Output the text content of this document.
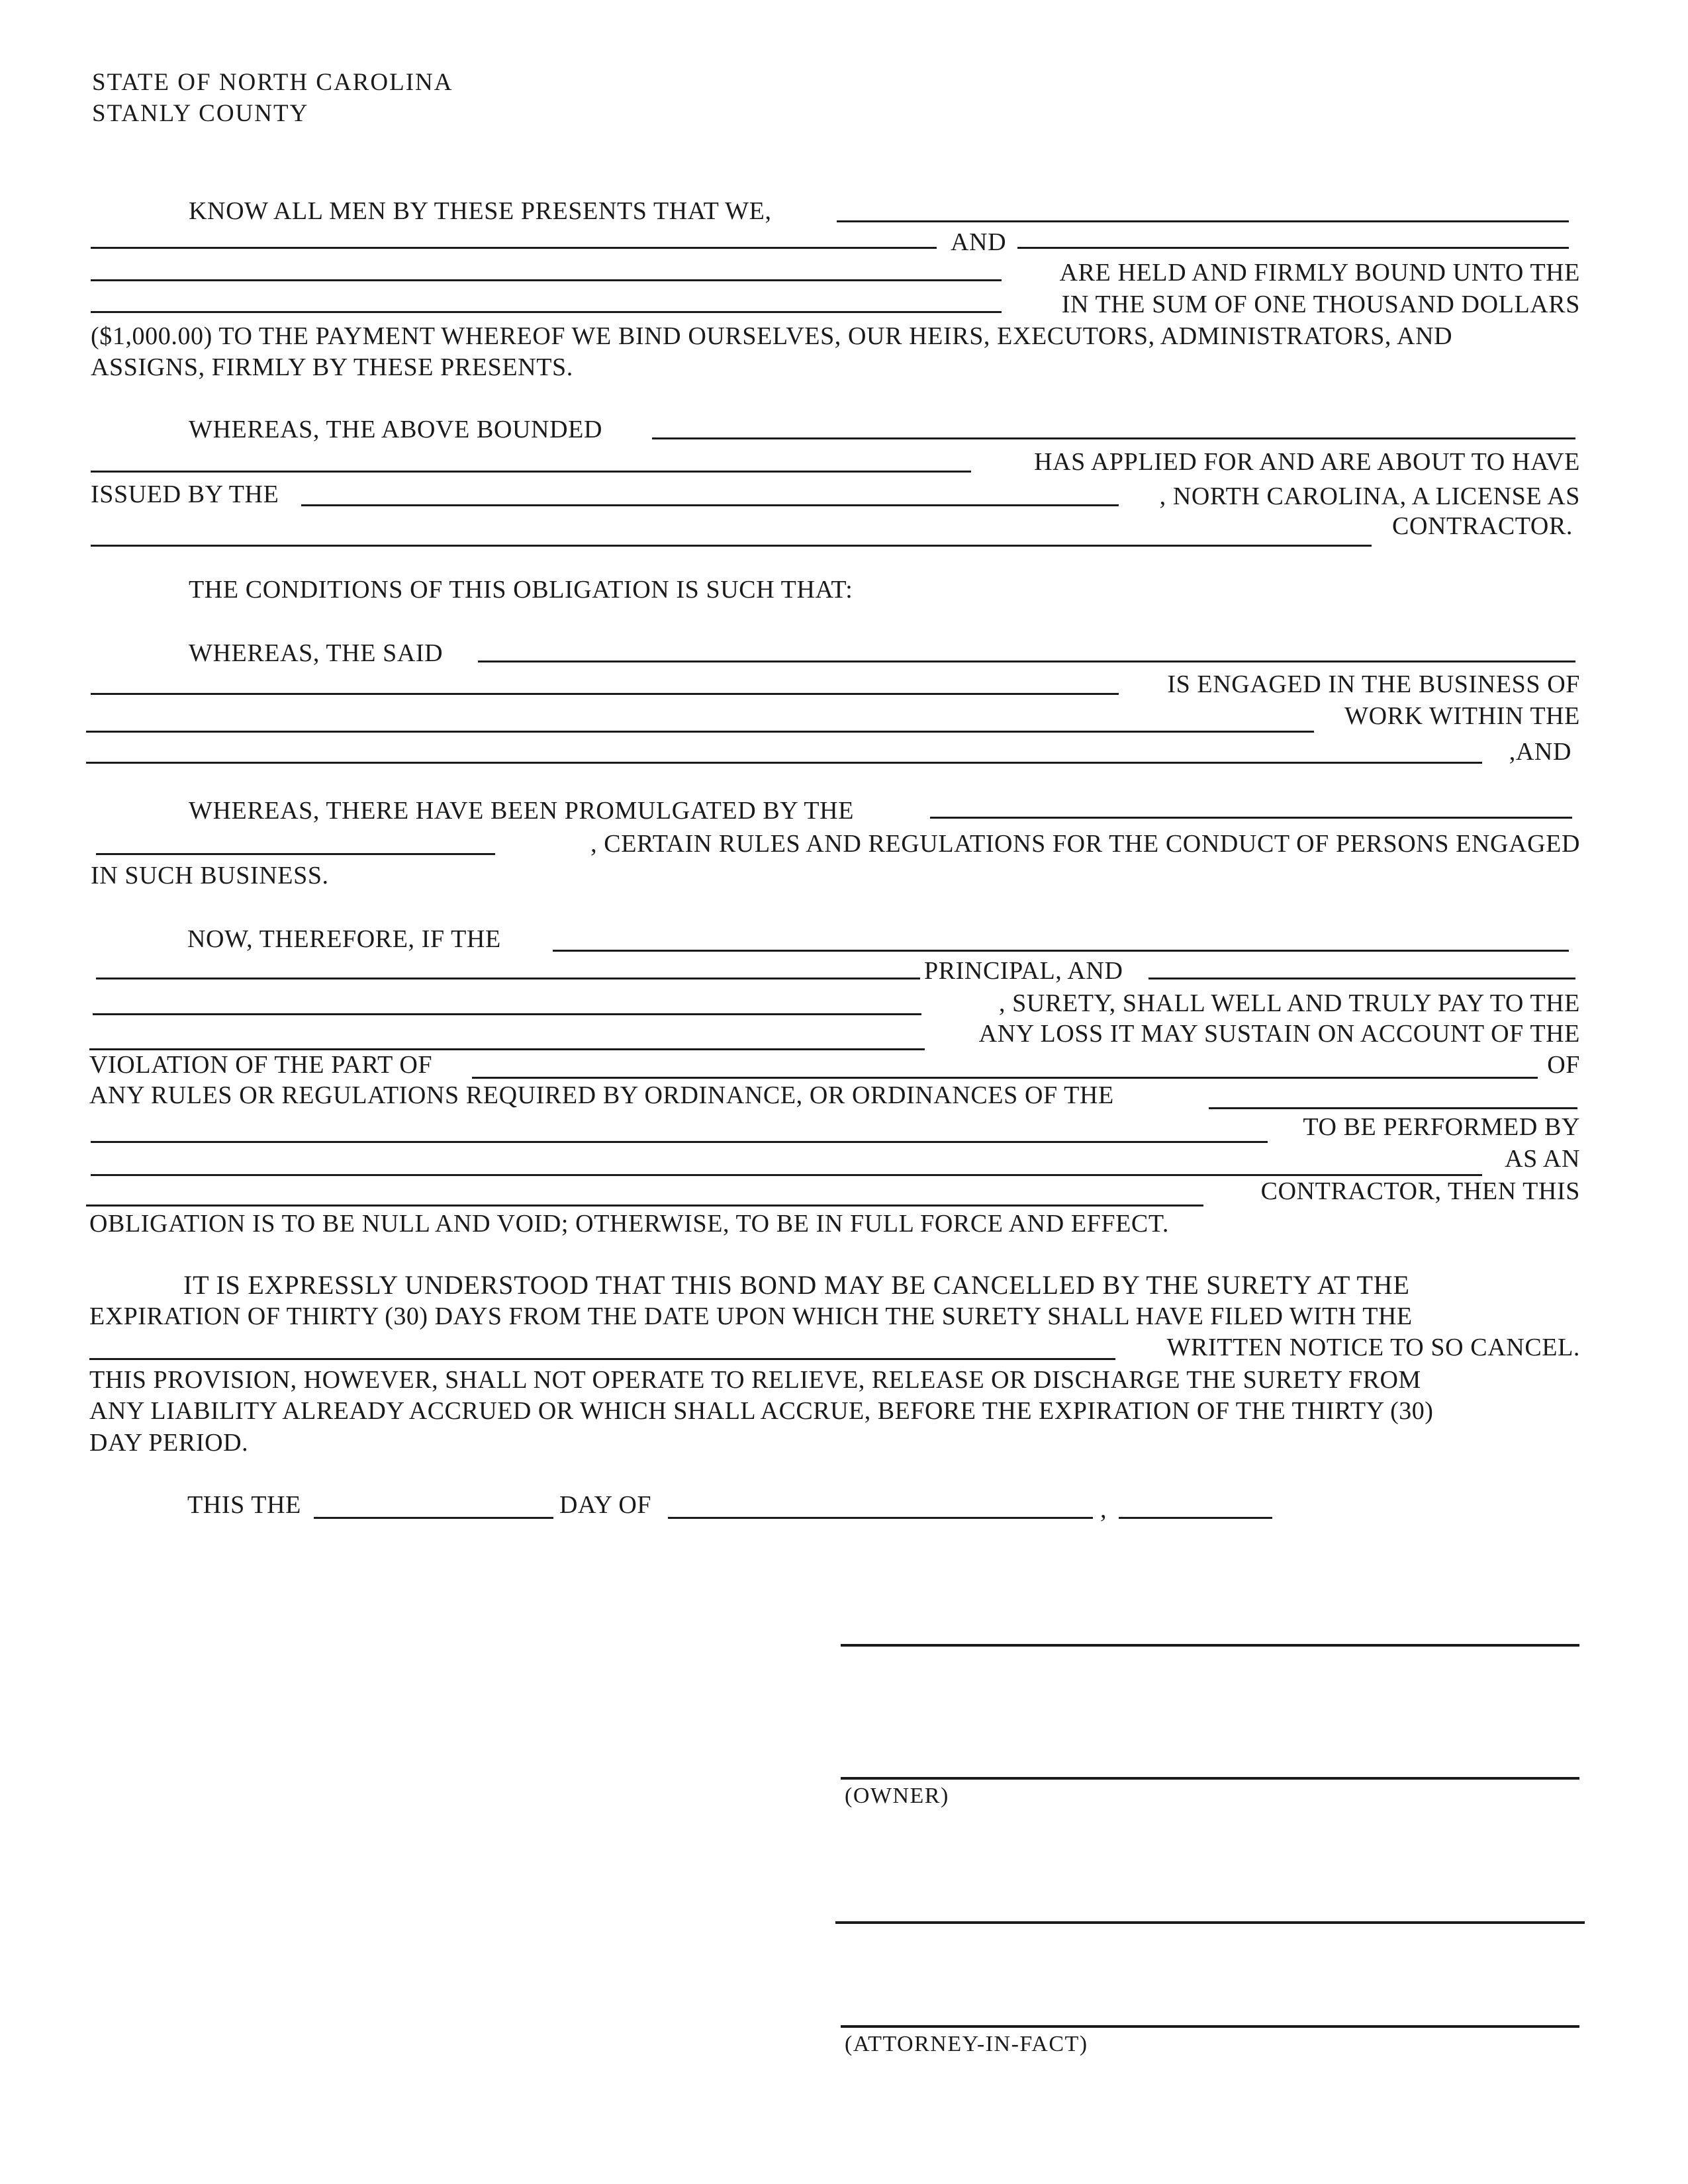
STATE OF NORTH CAROLINA
STANLY COUNTY
KNOW ALL MEN BY THESE PRESENTS THAT WE,
AND
ARE HELD AND FIRMLY BOUND UNTO THE
IN THE SUM OF ONE THOUSAND DOLLARS
($1,000.00) TO THE PAYMENT WHEREOF WE BIND OURSELVES, OUR HEIRS, EXECUTORS, ADMINISTRATORS, AND
ASSIGNS, FIRMLY BY THESE PRESENTS.
WHEREAS, THE ABOVE BOUNDED
HAS APPLIED FOR AND ARE ABOUT TO HAVE
ISSUED BY THE	, NORTH CAROLINA, A LICENSE AS
CONTRACTOR.
THE CONDITIONS OF THIS OBLIGATION IS SUCH THAT:
WHEREAS, THE SAID
IS ENGAGED IN THE BUSINESS OF
WORK WITHIN THE
,AND
WHEREAS, THERE HAVE BEEN PROMULGATED BY THE
, CERTAIN RULES AND REGULATIONS FOR THE CONDUCT OF PERSONS ENGAGED
IN SUCH BUSINESS.
NOW, THEREFORE, IF THE
PRINCIPAL, AND
, SURETY, SHALL WELL AND TRULY PAY TO THE
ANY LOSS IT MAY SUSTAIN ON ACCOUNT OF THE
VIOLATION OF THE PART OF	OF
ANY RULES OR REGULATIONS REQUIRED BY ORDINANCE, OR ORDINANCES OF THE
TO BE PERFORMED BY
AS AN
CONTRACTOR, THEN THIS
OBLIGATION IS TO BE NULL AND VOID; OTHERWISE, TO BE IN FULL FORCE AND EFFECT.
IT IS EXPRESSLY UNDERSTOOD THAT THIS BOND MAY BE CANCELLED BY THE SURETY AT THE
EXPIRATION OF THIRTY (30) DAYS FROM THE DATE UPON WHICH THE SURETY SHALL HAVE FILED WITH THE
WRITTEN NOTICE TO SO CANCEL.
THIS PROVISION, HOWEVER, SHALL NOT OPERATE TO RELIEVE, RELEASE OR DISCHARGE THE SURETY FROM
ANY LIABILITY ALREADY ACCRUED OR WHICH SHALL ACCRUE, BEFORE THE EXPIRATION OF THE THIRTY (30)
DAY PERIOD.
THIS THE	DAY OF	,
(OWNER)
(ATTORNEY-IN-FACT)
